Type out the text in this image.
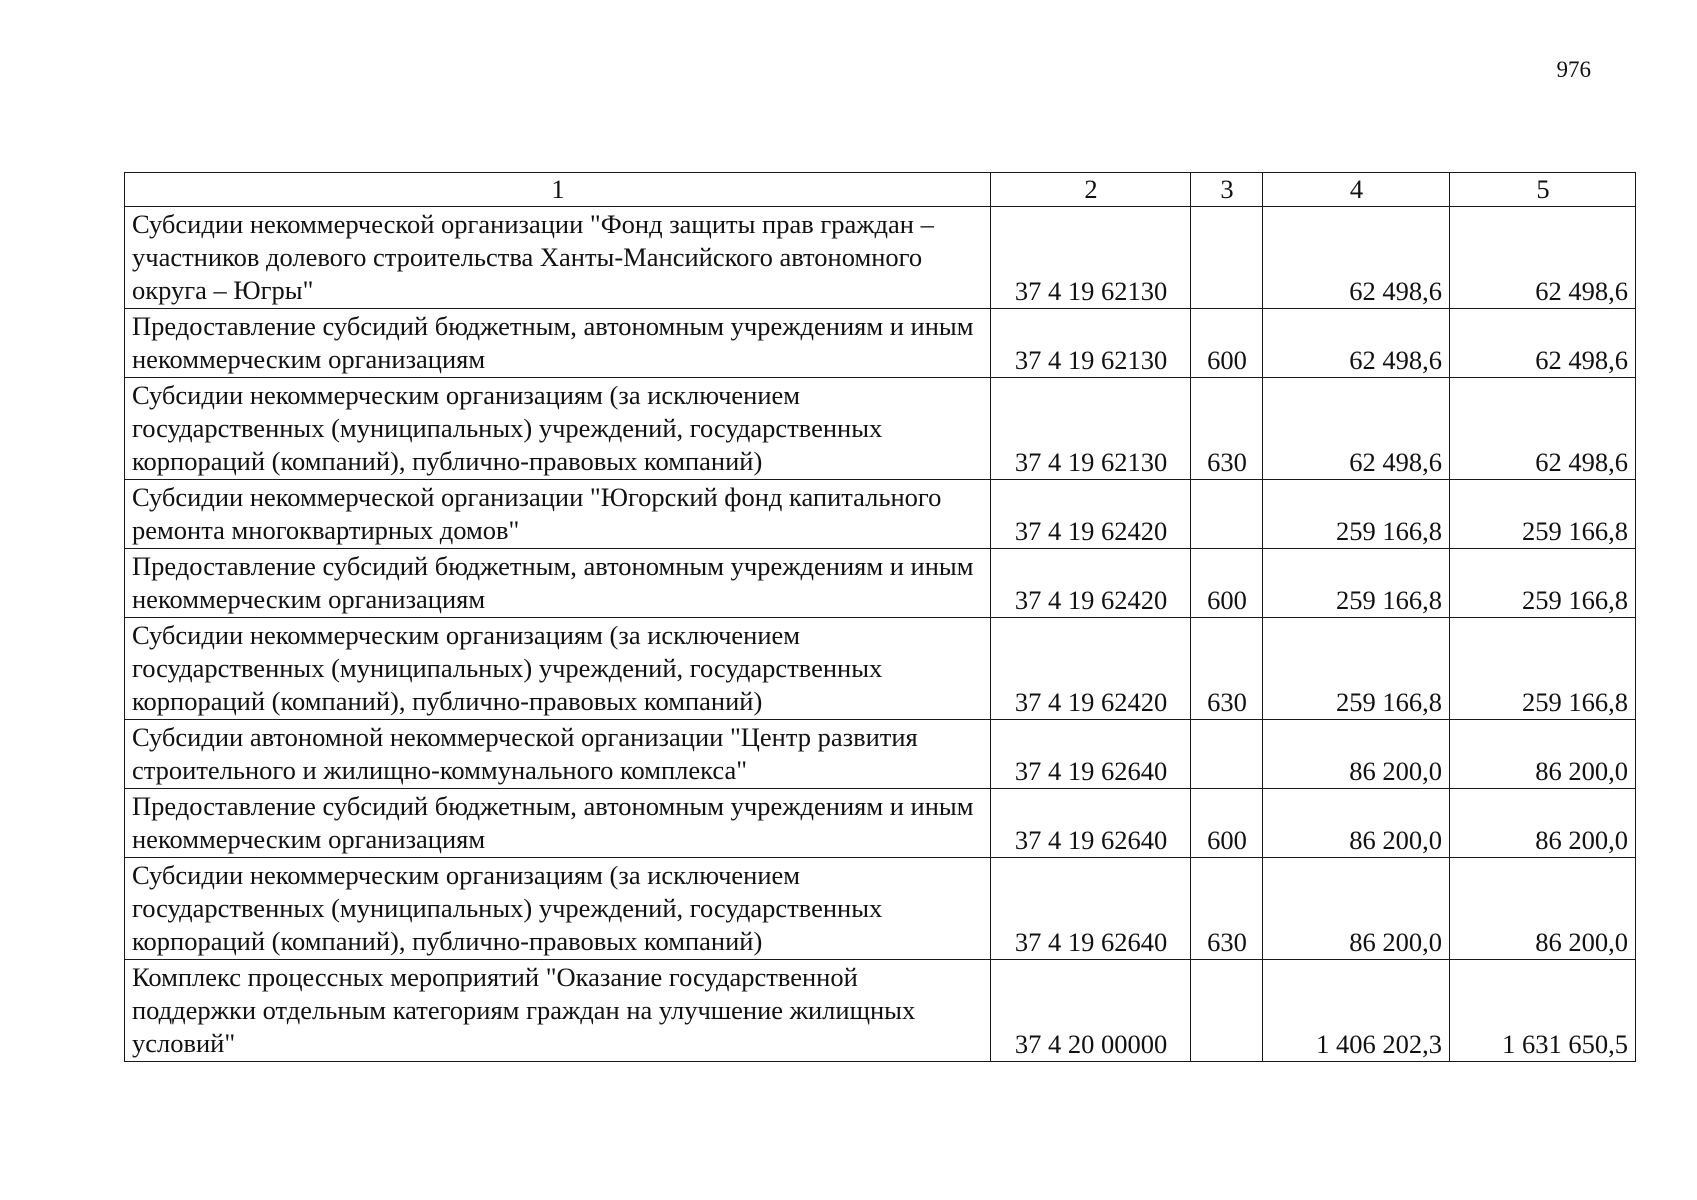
976
1	2	3	4	5
Субсидии некоммерческой организации "Фонд защиты прав граждан – участников долевого строительства Ханты-Мансийского автономного округа – Югры"	37 4 19 62130		62 498,6	62 498,6
Предоставление субсидий бюджетным, автономным учреждениям и иным некоммерческим организациям	37 4 19 62130	600	62 498,6	62 498,6
Субсидии некоммерческим организациям (за исключением государственных (муниципальных) учреждений, государственных корпораций (компаний), публично-правовых компаний)	37 4 19 62130	630	62 498,6	62 498,6
Субсидии некоммерческой организации "Югорский фонд капитального ремонта многоквартирных домов"	37 4 19 62420		259 166,8	259 166,8
Предоставление субсидий бюджетным, автономным учреждениям и иным некоммерческим организациям	37 4 19 62420	600	259 166,8	259 166,8
Субсидии некоммерческим организациям (за исключением государственных (муниципальных) учреждений, государственных корпораций (компаний), публично-правовых компаний)	37 4 19 62420	630	259 166,8	259 166,8
Субсидии автономной некоммерческой организации "Центр развития строительного и жилищно-коммунального комплекса"	37 4 19 62640		86 200,0	86 200,0
Предоставление субсидий бюджетным, автономным учреждениям и иным некоммерческим организациям	37 4 19 62640	600	86 200,0	86 200,0
Субсидии некоммерческим организациям (за исключением государственных (муниципальных) учреждений, государственных корпораций (компаний), публично-правовых компаний)	37 4 19 62640	630	86 200,0	86 200,0
Комплекс процессных мероприятий "Оказание государственной поддержки отдельным категориям граждан на улучшение жилищных условий"	37 4 20 00000		1 406 202,3	1 631 650,5
